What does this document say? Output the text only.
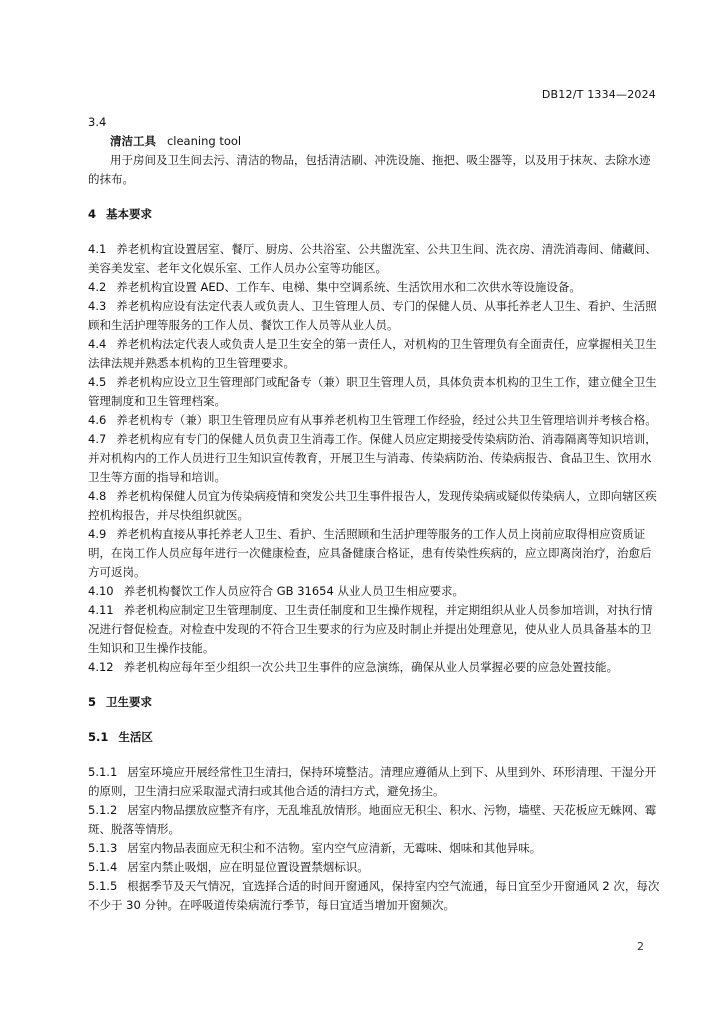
DB12/T 1334—2024

3.4

清洁工具 cleaning tool

用于房间及卫生间去污、清洁的物品，包括清洁刷、冲洗设施、拖把、吸尘器等，以及用于抹灰、去除水迹的抹布。

4 基本要求

4.1 养老机构宜设置居室、餐厅、厨房、公共浴室、公共盥洗室、公共卫生间、洗衣房、清洗消毒间、储藏间、美容美发室、老年文化娱乐室、工作人员办公室等功能区。

4.2 养老机构宜设置 AED、工作车、电梯、集中空调系统、生活饮用水和二次供水等设施设备。

4.3 养老机构应设有法定代表人或负责人、卫生管理人员、专门的保健人员、从事托养老人卫生、看护、生活照顾和生活护理等服务的工作人员、餐饮工作人员等从业人员。

4.4 养老机构法定代表人或负责人是卫生安全的第一责任人，对机构的卫生管理负有全面责任，应掌握相关卫生法律法规并熟悉本机构的卫生管理要求。

4.5 养老机构应设立卫生管理部门或配备专（兼）职卫生管理人员，具体负责本机构的卫生工作，建立健全卫生管理制度和卫生管理档案。

4.6 养老机构专（兼）职卫生管理员应有从事养老机构卫生管理工作经验，经过公共卫生管理培训并考核合格。

4.7 养老机构应有专门的保健人员负责卫生消毒工作。保健人员应定期接受传染病防治、消毒隔离等知识培训，并对机构内的工作人员进行卫生知识宣传教育，开展卫生与消毒、传染病防治、传染病报告、食品卫生、饮用水卫生等方面的指导和培训。

4.8 养老机构保健人员宜为传染病疫情和突发公共卫生事件报告人，发现传染病或疑似传染病人，立即向辖区疾控机构报告，并尽快组织就医。

4.9 养老机构直接从事托养老人卫生、看护、生活照顾和生活护理等服务的工作人员上岗前应取得相应资质证明，在岗工作人员应每年进行一次健康检查，应具备健康合格证，患有传染性疾病的，应立即离岗治疗，治愈后方可返岗。

4.10 养老机构餐饮工作人员应符合 GB 31654 从业人员卫生相应要求。

4.11 养老机构应制定卫生管理制度、卫生责任制度和卫生操作规程，并定期组织从业人员参加培训，对执行情况进行督促检查。对检查中发现的不符合卫生要求的行为应及时制止并提出处理意见，使从业人员具备基本的卫生知识和卫生操作技能。

4.12 养老机构应每年至少组织一次公共卫生事件的应急演练，确保从业人员掌握必要的应急处置技能。

5 卫生要求

5.1 生活区

5.1.1 居室环境应开展经常性卫生清扫，保持环境整洁。清理应遵循从上到下、从里到外、环形清理、干湿分开的原则，卫生清扫应采取湿式清扫或其他合适的清扫方式，避免扬尘。

5.1.2 居室内物品摆放应整齐有序，无乱堆乱放情形。地面应无积尘、积水、污物，墙壁、天花板应无蛛网、霉斑、脱落等情形。

5.1.3 居室内物品表面应无积尘和不洁物。室内空气应清新，无霉味、烟味和其他异味。

5.1.4 居室内禁止吸烟，应在明显位置设置禁烟标识。

5.1.5 根据季节及天气情况，宜选择合适的时间开窗通风，保持室内空气流通，每日宜至少开窗通风 2 次，每次不少于 30 分钟。在呼吸道传染病流行季节，每日宜适当增加开窗频次。

2
